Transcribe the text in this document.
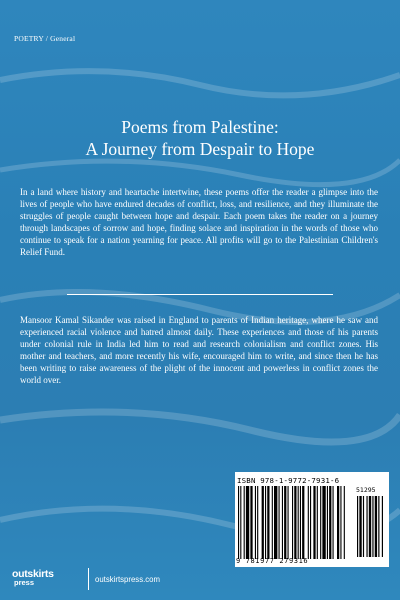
POETRY / General
Poems from Palestine:
A Journey from Despair to Hope
In a land where history and heartache intertwine, these poems offer the reader a glimpse into the lives of people who have endured decades of conflict, loss, and resilience, and they illuminate the struggles of people caught between hope and despair. Each poem takes the reader on a journey through landscapes of sorrow and hope, finding solace and inspiration in the words of those who continue to speak for a nation yearning for peace. All profits will go to the Palestinian Children's Relief Fund.
Mansoor Kamal Sikander was raised in England to parents of Indian heritage, where he saw and experienced racial violence and hatred almost daily. These experiences and those of his parents under colonial rule in India led him to read and research colonialism and conflict zones. His mother and teachers, and more recently his wife, encouraged him to write, and since then he has been writing to raise awareness of the plight of the innocent and powerless in conflict zones the world over.
ISBN 978-1-9772-7931-6
51295
9 781977 279316
outskirts
press	outskirtspress.com
